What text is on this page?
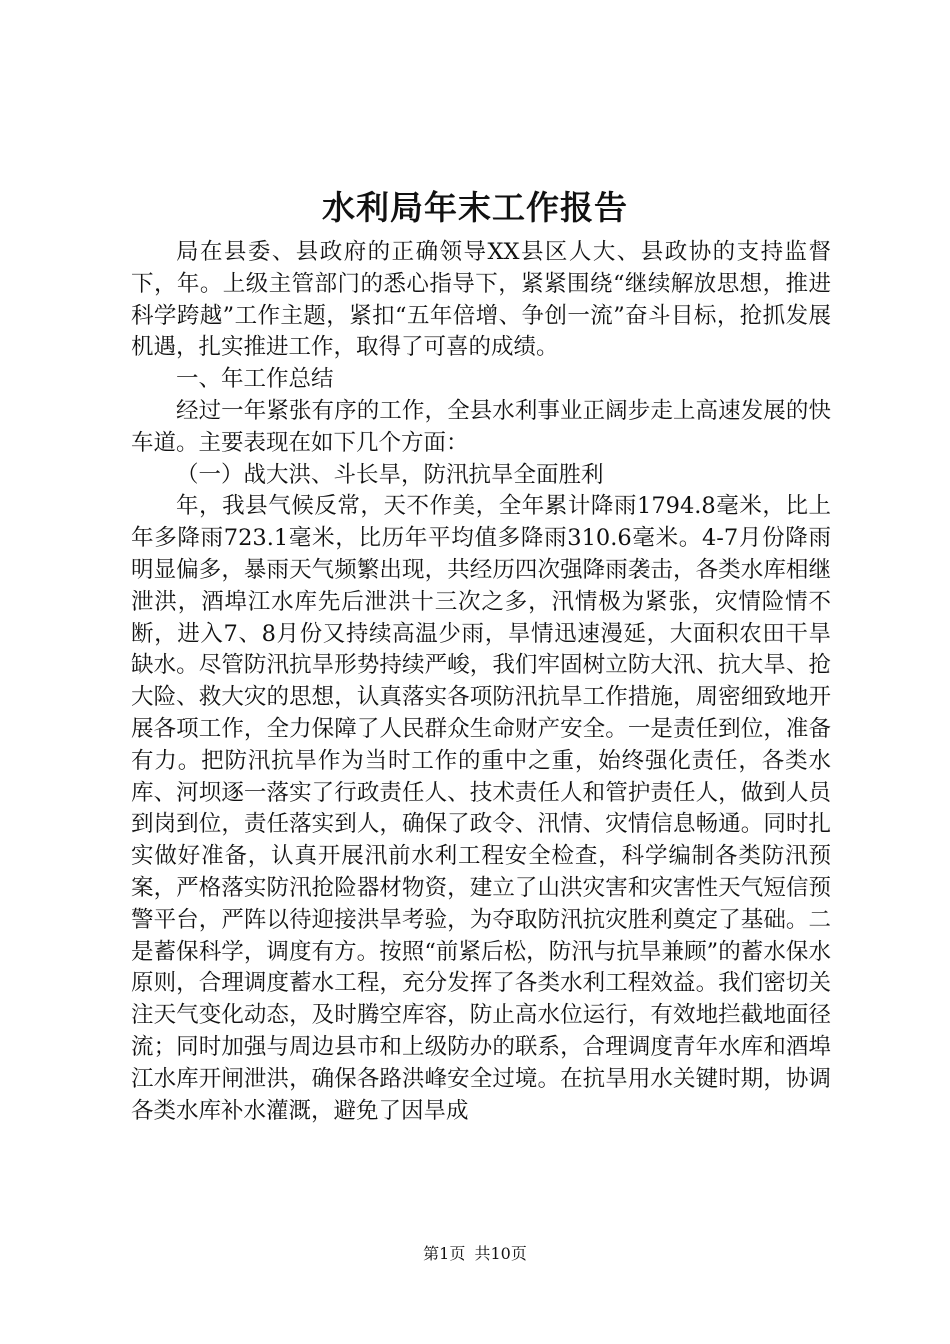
水利局年末工作报告

局在县委、县政府的正确领导XX县区人大、县政协的支持监督下，年。上级主管部门的悉心指导下，紧紧围绕“继续解放思想，推进科学跨越”工作主题，紧扣“五年倍增、争创一流”奋斗目标，抢抓发展机遇，扎实推进工作，取得了可喜的成绩。

一、年工作总结

经过一年紧张有序的工作，全县水利事业正阔步走上高速发展的快车道。主要表现在如下几个方面：

（一）战大洪、斗长旱，防汛抗旱全面胜利

年，我县气候反常，天不作美，全年累计降雨1794.8毫米，比上年多降雨723.1毫米，比历年平均值多降雨310.6毫米。4-7月份降雨明显偏多，暴雨天气频繁出现，共经历四次强降雨袭击，各类水库相继泄洪，酒埠江水库先后泄洪十三次之多，汛情极为紧张，灾情险情不断，进入7、8月份又持续高温少雨，旱情迅速漫延，大面积农田干旱缺水。尽管防汛抗旱形势持续严峻，我们牢固树立防大汛、抗大旱、抢大险、救大灾的思想，认真落实各项防汛抗旱工作措施，周密细致地开展各项工作，全力保障了人民群众生命财产安全。一是责任到位，准备有力。把防汛抗旱作为当时工作的重中之重，始终强化责任，各类水库、河坝逐一落实了行政责任人、技术责任人和管护责任人，做到人员到岗到位，责任落实到人，确保了政令、汛情、灾情信息畅通。同时扎实做好准备，认真开展汛前水利工程安全检查，科学编制各类防汛预案，严格落实防汛抢险器材物资，建立了山洪灾害和灾害性天气短信预警平台，严阵以待迎接洪旱考验，为夺取防汛抗灾胜利奠定了基础。二是蓄保科学，调度有方。按照“前紧后松，防汛与抗旱兼顾”的蓄水保水原则，合理调度蓄水工程，充分发挥了各类水利工程效益。我们密切关注天气变化动态，及时腾空库容，防止高水位运行，有效地拦截地面径流；同时加强与周边县市和上级防办的联系，合理调度青年水库和酒埠江水库开闸泄洪，确保各路洪峰安全过境。在抗旱用水关键时期，协调各类水库补水灌溉，避免了因旱成

第1页 共10页
